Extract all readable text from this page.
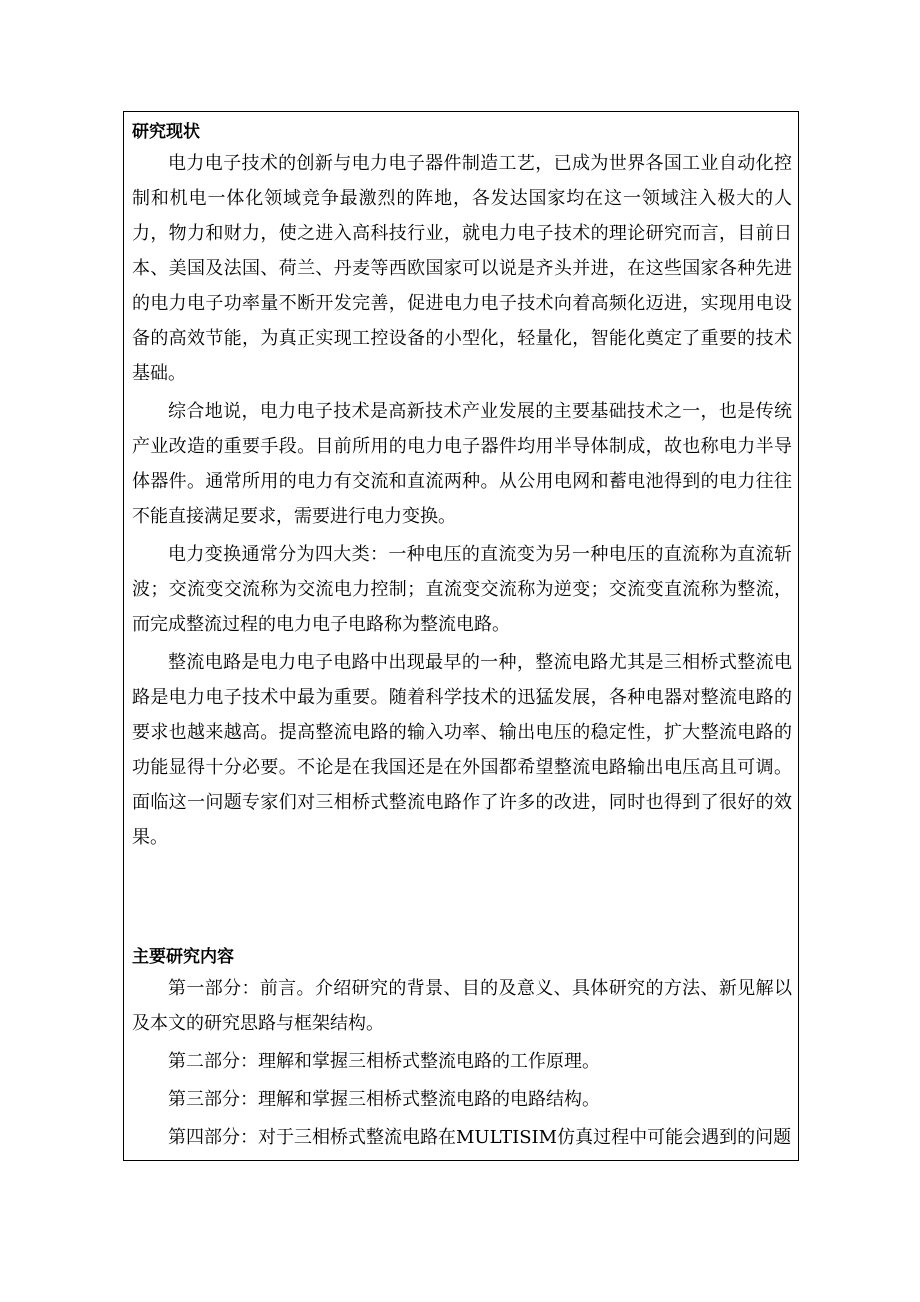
研究现状

电力电子技术的创新与电力电子器件制造工艺，已成为世界各国工业自动化控制和机电一体化领域竞争最激烈的阵地，各发达国家均在这一领域注入极大的人力，物力和财力，使之进入高科技行业，就电力电子技术的理论研究而言，目前日本、美国及法国、荷兰、丹麦等西欧国家可以说是齐头并进，在这些国家各种先进的电力电子功率量不断开发完善，促进电力电子技术向着高频化迈进，实现用电设备的高效节能，为真正实现工控设备的小型化，轻量化，智能化奠定了重要的技术基础。

综合地说，电力电子技术是高新技术产业发展的主要基础技术之一，也是传统产业改造的重要手段。目前所用的电力电子器件均用半导体制成，故也称电力半导体器件。通常所用的电力有交流和直流两种。从公用电网和蓄电池得到的电力往往不能直接满足要求，需要进行电力变换。

电力变换通常分为四大类：一种电压的直流变为另一种电压的直流称为直流斩波；交流变交流称为交流电力控制；直流变交流称为逆变；交流变直流称为整流，而完成整流过程的电力电子电路称为整流电路。

整流电路是电力电子电路中出现最早的一种，整流电路尤其是三相桥式整流电路是电力电子技术中最为重要。随着科学技术的迅猛发展，各种电器对整流电路的要求也越来越高。提高整流电路的输入功率、输出电压的稳定性，扩大整流电路的功能显得十分必要。不论是在我国还是在外国都希望整流电路输出电压高且可调。面临这一问题专家们对三相桥式整流电路作了许多的改进，同时也得到了很好的效果。

主要研究内容

第一部分：前言。介绍研究的背景、目的及意义、具体研究的方法、新见解以及本文的研究思路与框架结构。

第二部分：理解和掌握三相桥式整流电路的工作原理。

第三部分：理解和掌握三相桥式整流电路的电路结构。

第四部分：对于三相桥式整流电路在MULTISIM仿真过程中可能会遇到的问题
